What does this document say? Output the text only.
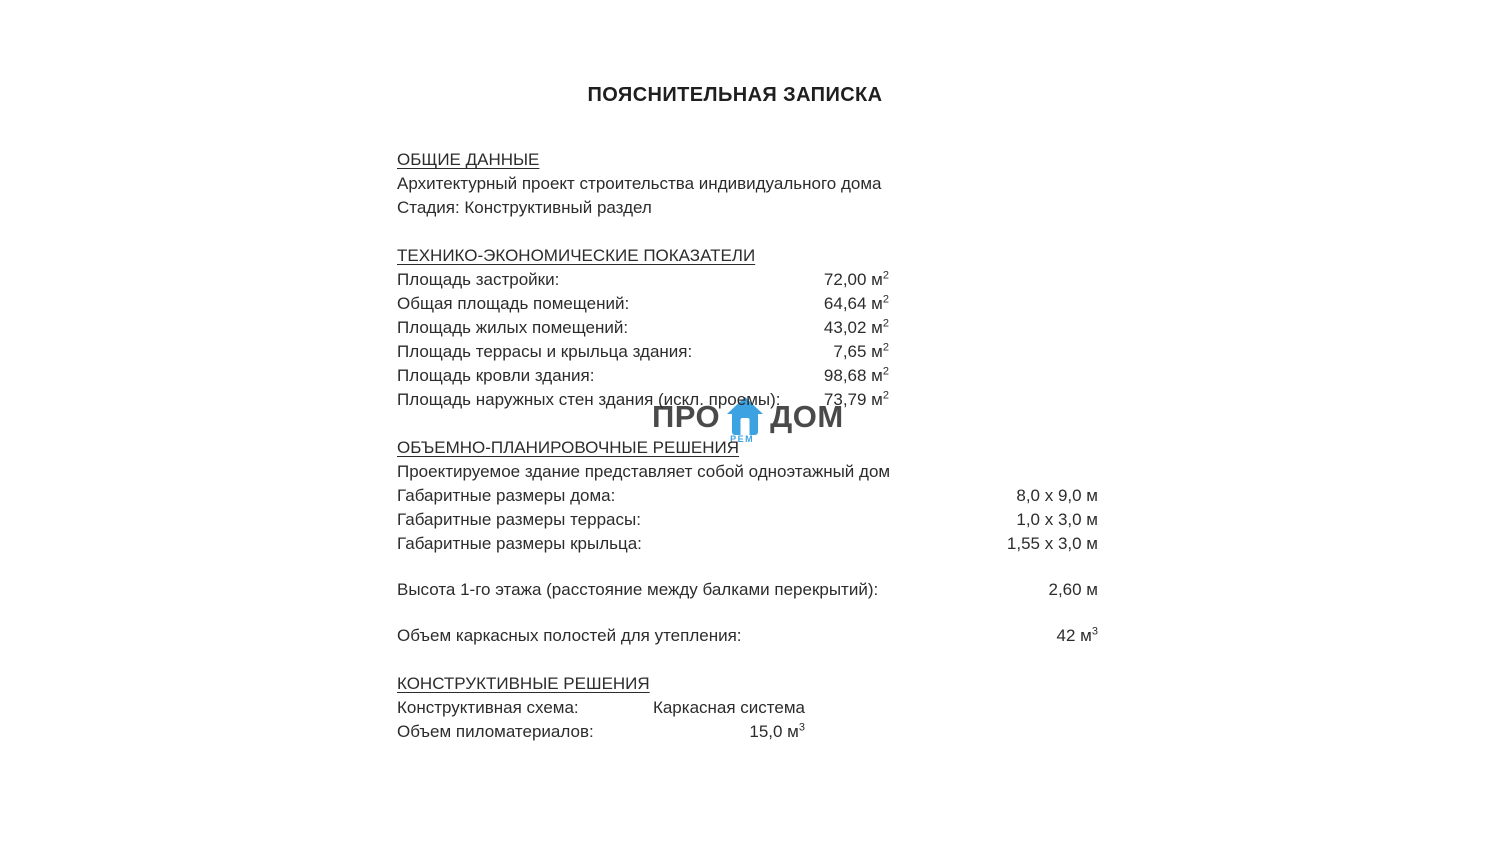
ПРО
РЕМ
ДОМ
ПОЯСНИТЕЛЬНАЯ ЗАПИСКА
ОБЩИЕ ДАННЫЕ
Архитектурный проект строительства индивидуального дома
Стадия: Конструктивный раздел
ТЕХНИКО-ЭКОНОМИЧЕСКИЕ ПОКАЗАТЕЛИ
Площадь застройки:	72,00 $м^2$
Общая площадь помещений:	64,64 $м^2$
Площадь жилых помещений:	43,02 $м^2$
Площадь террасы и крыльца здания:	7,65 $м^2$
Площадь кровли здания:	98,68 $м^2$
Площадь наружных стен здания (искл. проемы):	73,79 $м^2$
ОБЪЕМНО-ПЛАНИРОВОЧНЫЕ РЕШЕНИЯ
Проектируемое здание представляет собой одноэтажный дом
Габаритные размеры дома:	8,0 х 9,0 м
Габаритные размеры террасы:	1,0 х 3,0 м
Габаритные размеры крыльца:	1,55 х 3,0 м
Высота 1-го этажа (расстояние между балками перекрытий):	2,60 м
Объем каркасных полостей для утепления:	42 $м^3$
КОНСТРУКТИВНЫЕ РЕШЕНИЯ
Конструктивная схема:	Каркасная система
Объем пиломатериалов:	15,0 $м^3$
